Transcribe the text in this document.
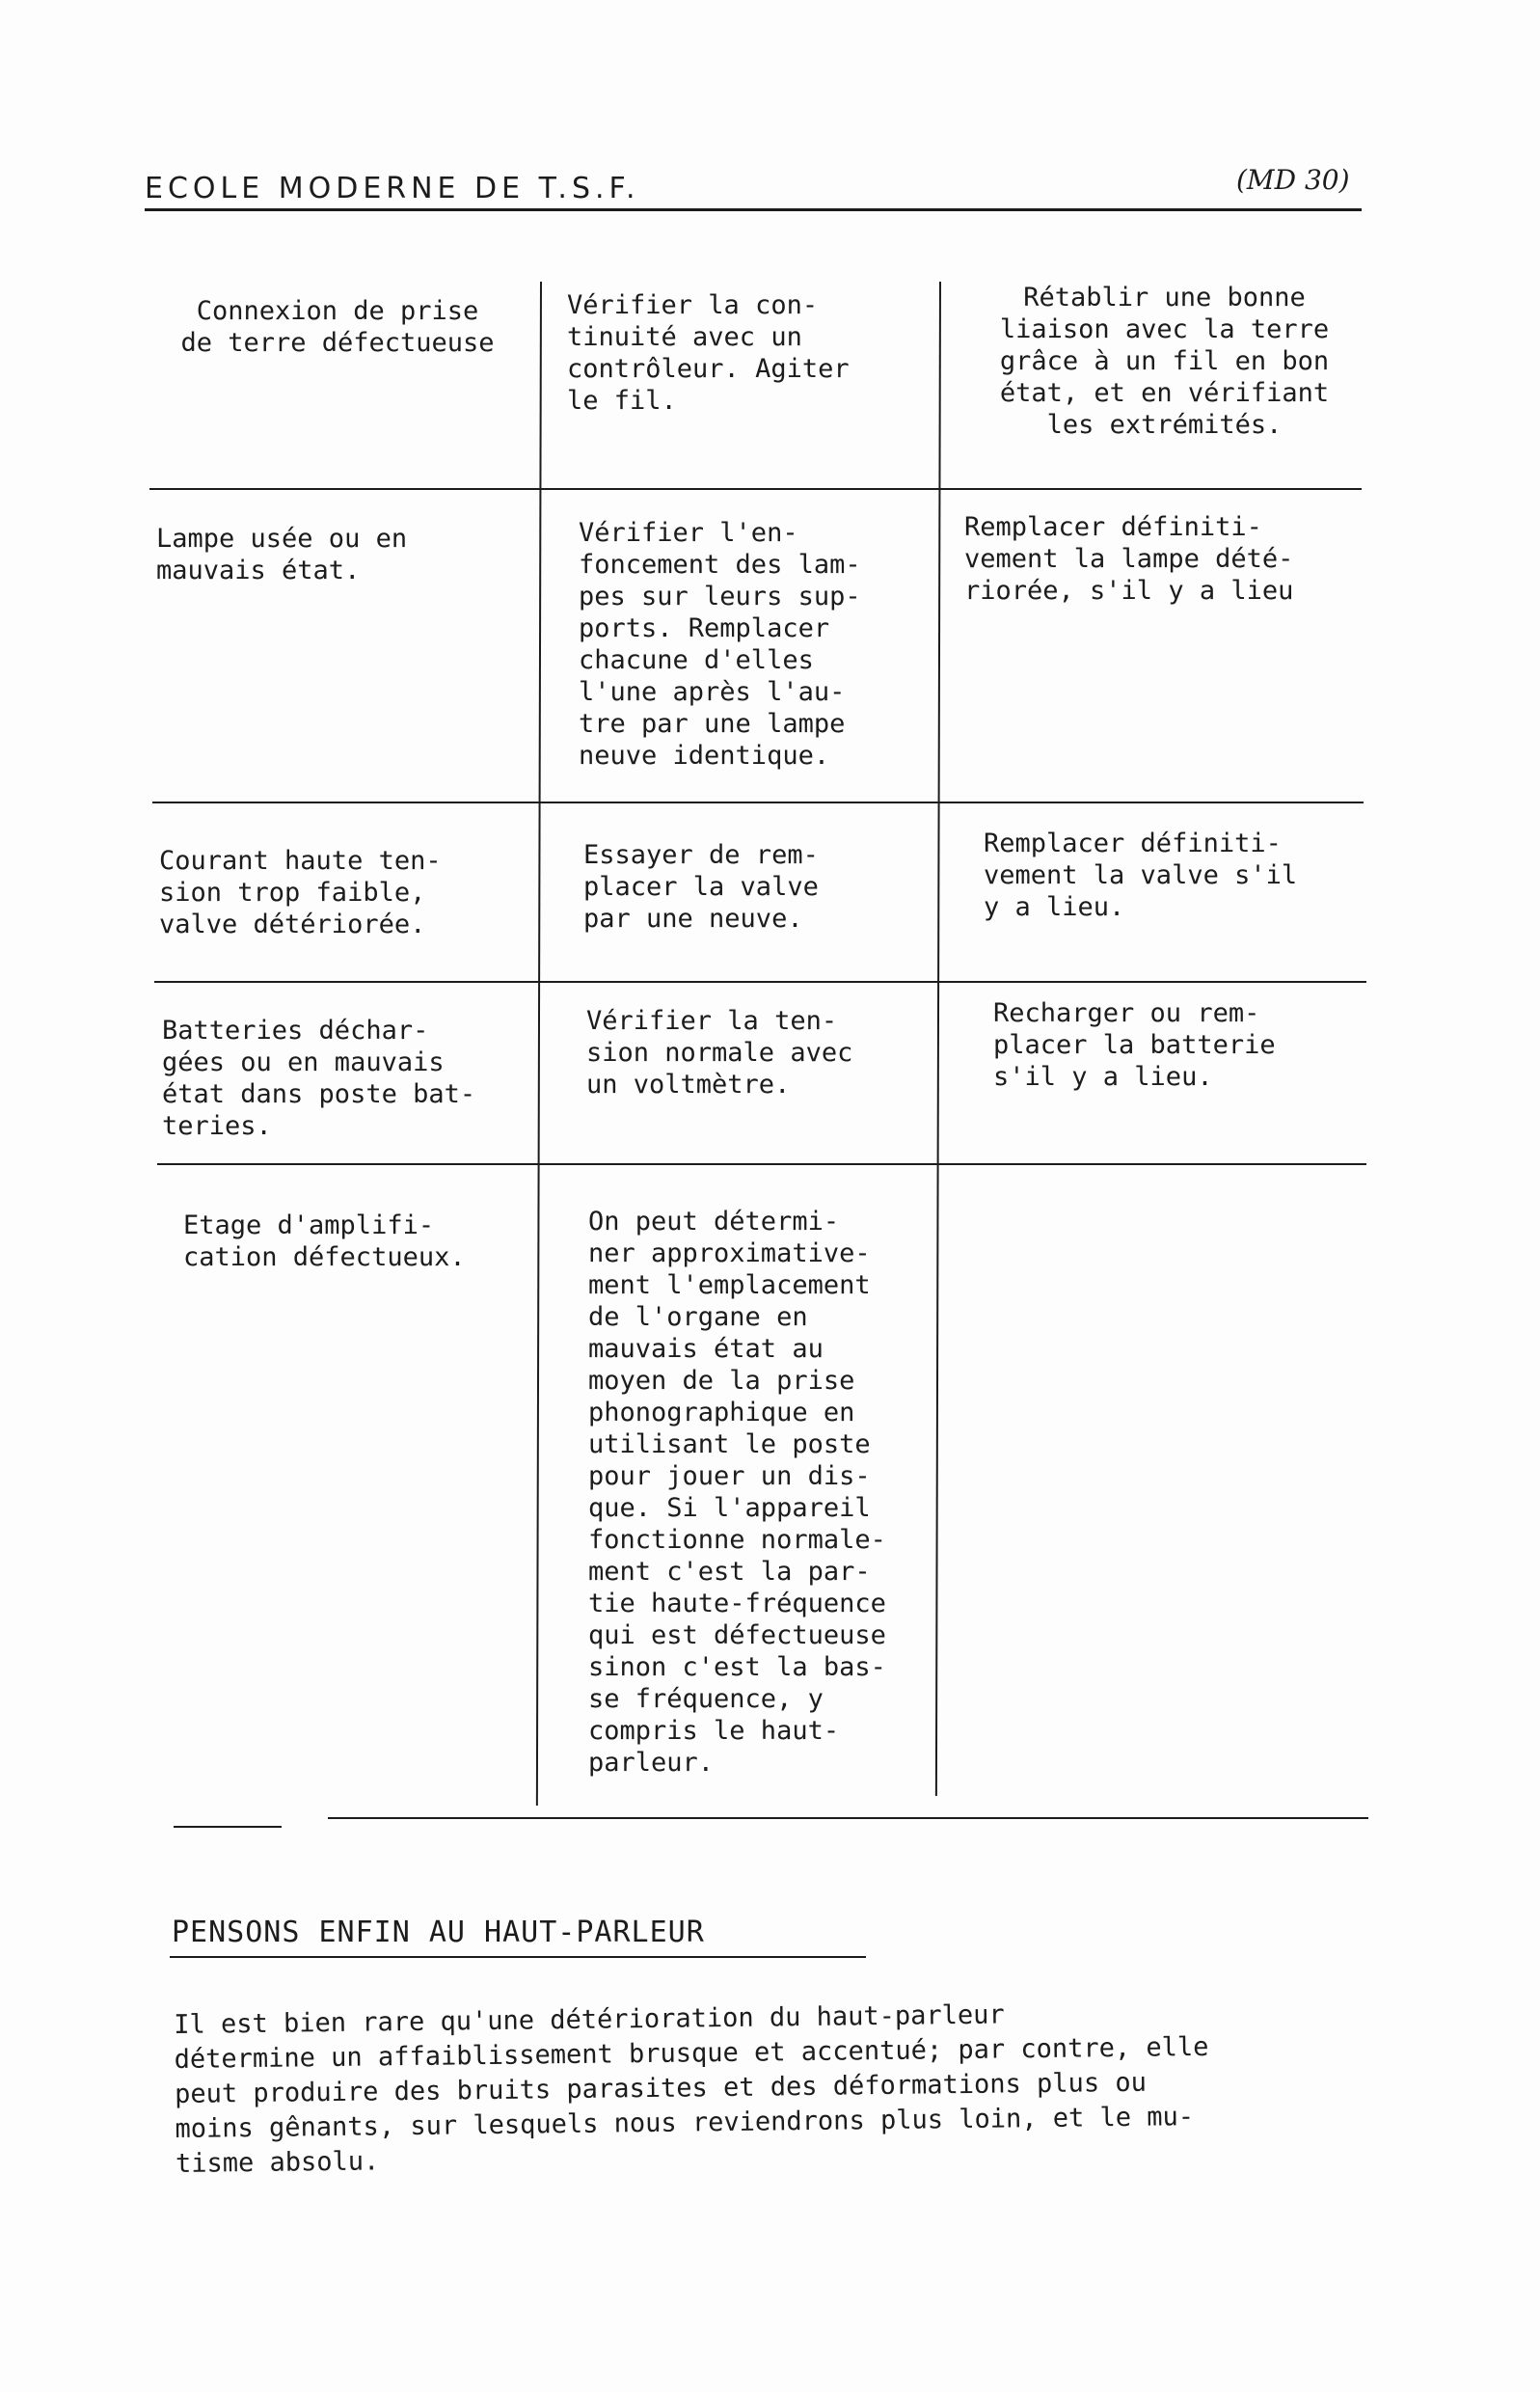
ECOLE MODERNE DE T.S.F.	(MD 30)
Connexion de prise
de terre défectueuse
Vérifier la con-
tinuité avec un
contrôleur. Agiter
le fil.
Rétablir une bonne
liaison avec la terre
grâce à un fil en bon
état, et en vérifiant
les extrémités.
Lampe usée ou en
mauvais état.
Vérifier l'en-
foncement des lam-
pes sur leurs sup-
ports. Remplacer
chacune d'elles
l'une après l'au-
tre par une lampe
neuve identique.
Remplacer définiti-
vement la lampe dété-
riorée, s'il y a lieu
Courant haute ten-
sion trop faible,
valve détériorée.
Essayer de rem-
placer la valve
par une neuve.
Remplacer définiti-
vement la valve s'il
y a lieu.
Batteries déchar-
gées ou en mauvais
état dans poste bat-
teries.
Vérifier la ten-
sion normale avec
un voltmètre.
Recharger ou rem-
placer la batterie
s'il y a lieu.
Etage d'amplifi-
cation défectueux.
On peut détermi-
ner approximative-
ment l'emplacement
de l'organe en
mauvais état au
moyen de la prise
phonographique en
utilisant le poste
pour jouer un dis-
que. Si l'appareil
fonctionne normale-
ment c'est la par-
tie haute-fréquence
qui est défectueuse
sinon c'est la bas-
se fréquence, y
compris le haut-
parleur.
PENSONS ENFIN AU HAUT-PARLEUR
Il est bien rare qu'une détérioration du haut-parleur
détermine un affaiblissement brusque et accentué; par contre, elle
peut produire des bruits parasites et des déformations plus ou
moins gênants, sur lesquels nous reviendrons plus loin, et le mu-
tisme absolu.
